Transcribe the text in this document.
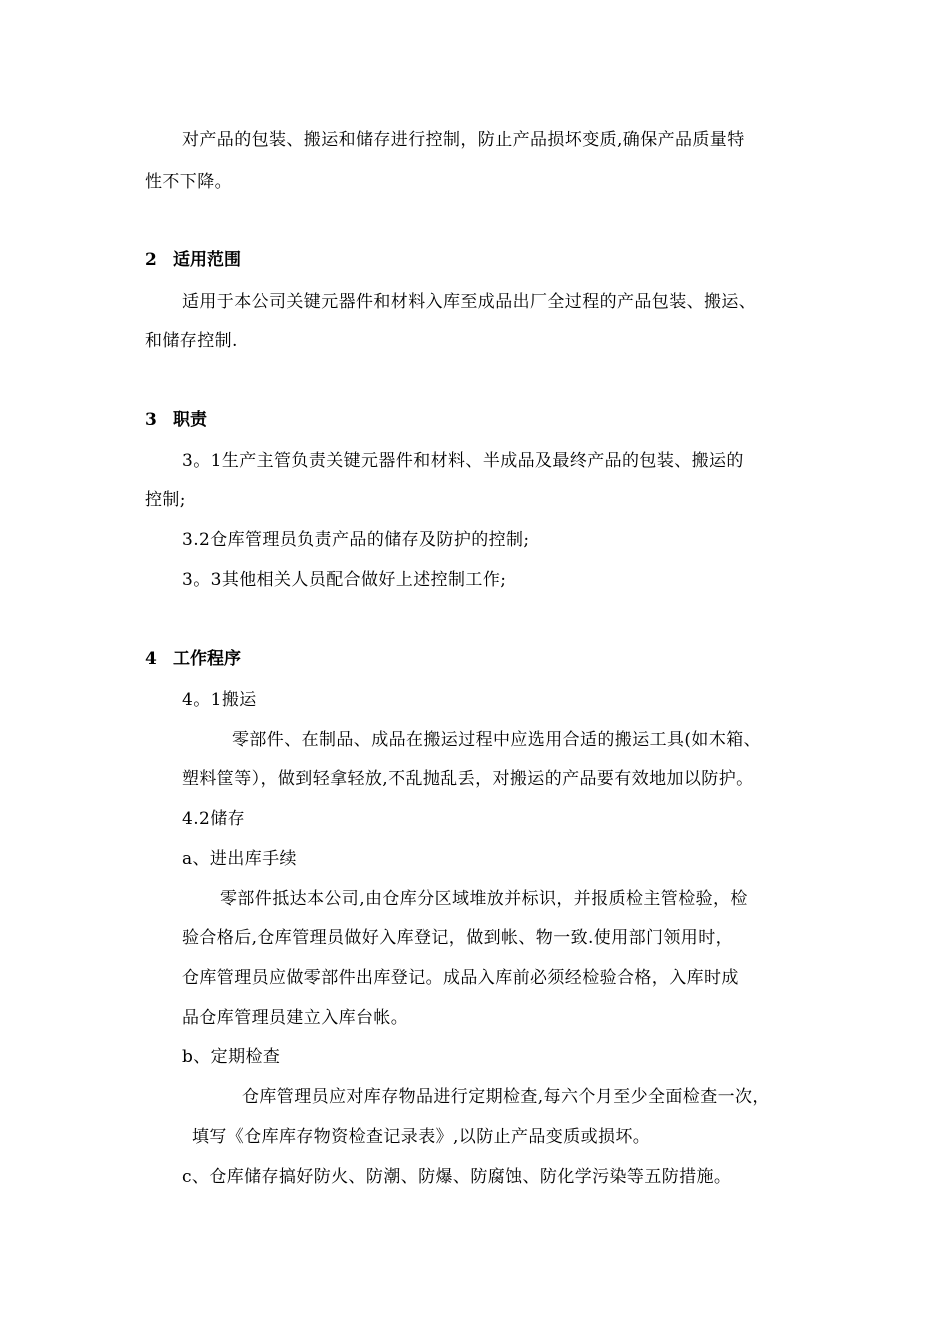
对产品的包装、搬运和储存进行控制，防止产品损坏变质,确保产品质量特
性不下降。
2 适用范围
适用于本公司关键元器件和材料入库至成品出厂全过程的产品包装、搬运、
和储存控制.
3 职责
3。1生产主管负责关键元器件和材料、半成品及最终产品的包装、搬运的
控制;
3.2仓库管理员负责产品的储存及防护的控制;
3。3其他相关人员配合做好上述控制工作;
4 工作程序
4。1搬运
零部件、在制品、成品在搬运过程中应选用合适的搬运工具(如木箱、
塑料筐等），做到轻拿轻放,不乱抛乱丢，对搬运的产品要有效地加以防护。
4.2储存
a、进出库手续
零部件抵达本公司,由仓库分区域堆放并标识，并报质检主管检验，检
验合格后,仓库管理员做好入库登记，做到帐、物一致.使用部门领用时，
仓库管理员应做零部件出库登记。成品入库前必须经检验合格，入库时成
品仓库管理员建立入库台帐。
b、定期检查
仓库管理员应对库存物品进行定期检查,每六个月至少全面检查一次，
填写《仓库库存物资检查记录表》,以防止产品变质或损坏。
c、仓库储存搞好防火、防潮、防爆、防腐蚀、防化学污染等五防措施。
